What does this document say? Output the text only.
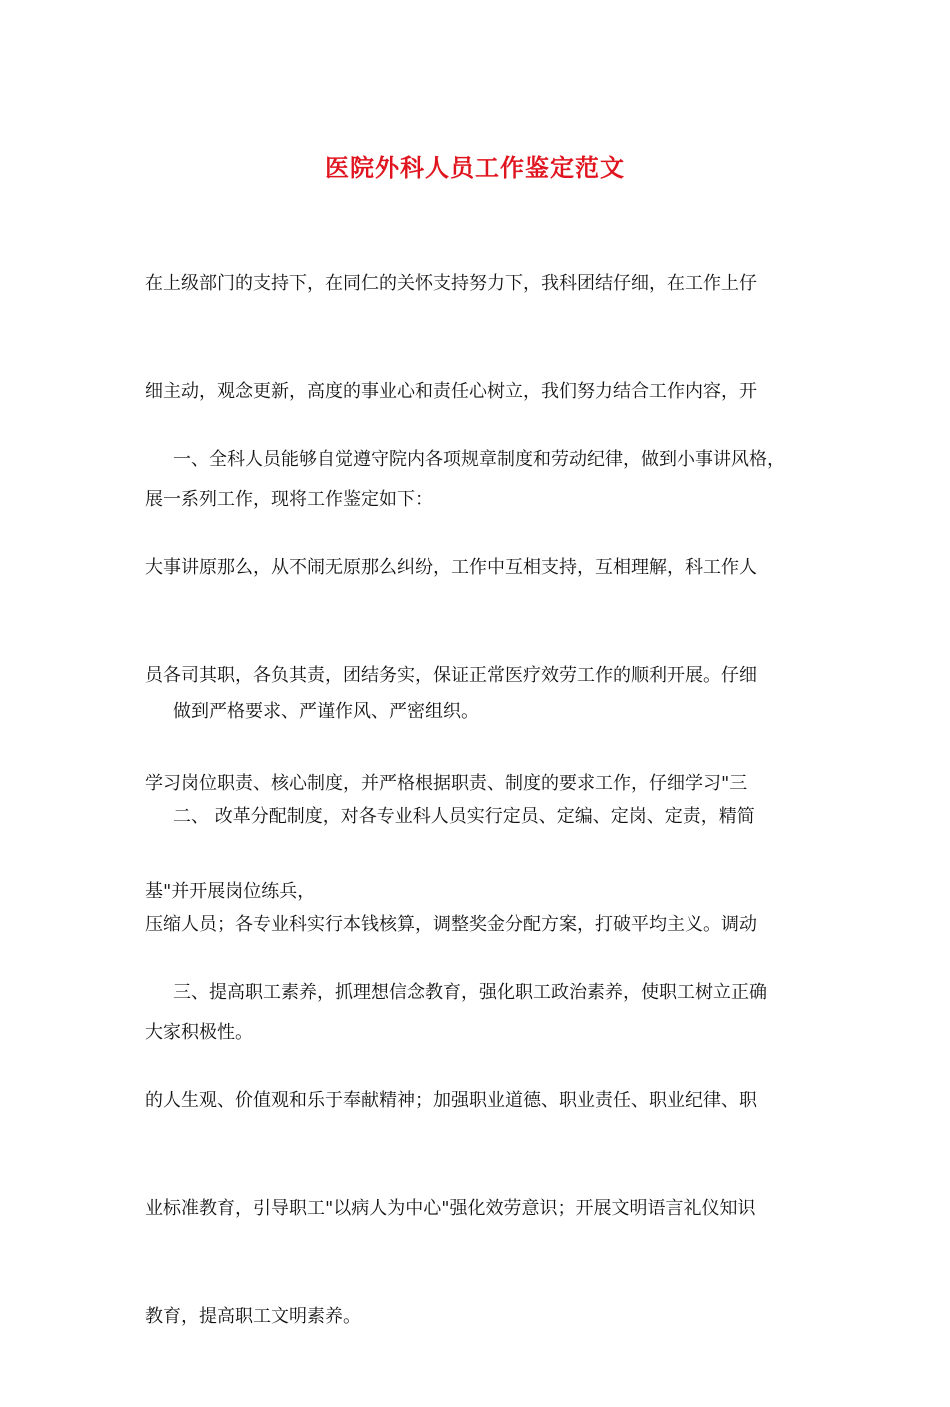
医院外科人员工作鉴定范文

在上级部门的支持下，在同仁的关怀支持努力下，我科团结仔细，在工作上仔

细主动，观念更新，高度的事业心和责任心树立，我们努力结合工作内容，开

展一系列工作，现将工作鉴定如下：

一、全科人员能够自觉遵守院内各项规章制度和劳动纪律，做到小事讲风格，

大事讲原那么，从不闹无原那么纠纷，工作中互相支持，互相理解，科工作人

员各司其职，各负其责，团结务实，保证正常医疗效劳工作的顺利开展。仔细

学习岗位职责、核心制度，并严格根据职责、制度的要求工作，仔细学习"三

基"并开展岗位练兵，

做到严格要求、严谨作风、严密组织。

二、 改革分配制度，对各专业科人员实行定员、定编、定岗、定责，精简

压缩人员；各专业科实行本钱核算，调整奖金分配方案，打破平均主义。调动

大家积极性。

三、提高职工素养，抓理想信念教育，强化职工政治素养，使职工树立正确

的人生观、价值观和乐于奉献精神；加强职业道德、职业责任、职业纪律、职

业标准教育，引导职工"以病人为中心"强化效劳意识；开展文明语言礼仪知识

教育，提高职工文明素养。
